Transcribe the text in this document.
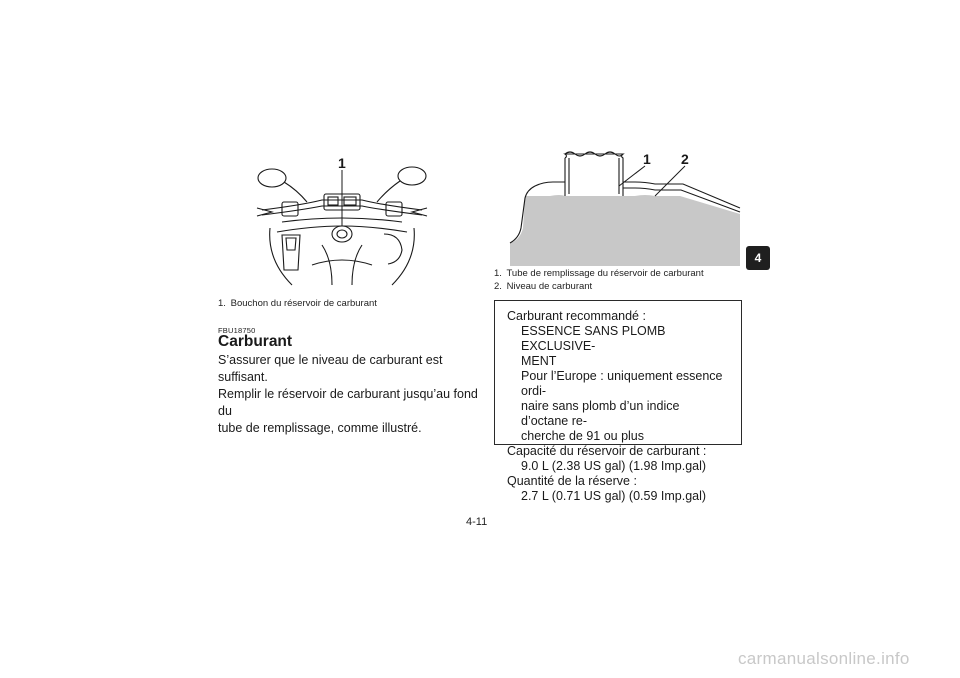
1
1. Bouchon du réservoir de carburant
FBU18750
Carburant
S’assurer que le niveau de carburant est suffisant.
Remplir le réservoir de carburant jusqu’au fond du
tube de remplissage, comme illustré.
1 2
1. Tube de remplissage du réservoir de carburant
2. Niveau de carburant
Carburant recommandé :
ESSENCE SANS PLOMB EXCLUSIVE-
MENT
Pour l’Europe : uniquement essence ordi-
naire sans plomb d’un indice d’octane re-
cherche de 91 ou plus
Capacité du réservoir de carburant :
9.0 L (2.38 US gal) (1.98 Imp.gal)
Quantité de la réserve :
2.7 L (0.71 US gal) (0.59 Imp.gal)
4
4-11
carmanualsonline.info
